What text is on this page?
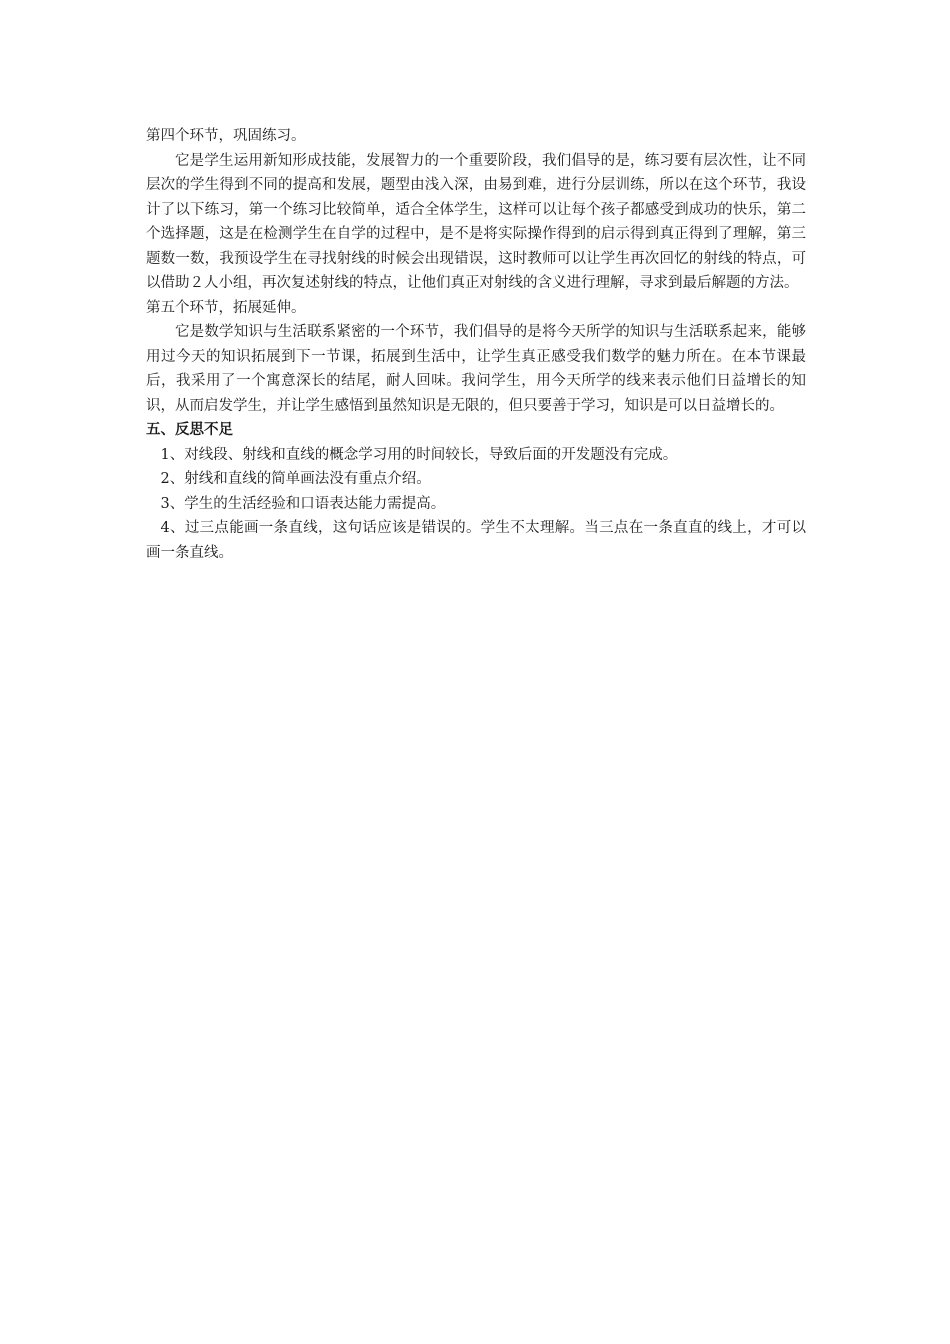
第四个环节，巩固练习。

它是学生运用新知形成技能，发展智力的一个重要阶段，我们倡导的是，练习要有层次性，让不同层次的学生得到不同的提高和发展，题型由浅入深，由易到难，进行分层训练，所以在这个环节，我设计了以下练习，第一个练习比较简单，适合全体学生，这样可以让每个孩子都感受到成功的快乐，第二个选择题，这是在检测学生在自学的过程中，是不是将实际操作得到的启示得到真正得到了理解，第三题数一数，我预设学生在寻找射线的时候会出现错误，这时教师可以让学生再次回忆的射线的特点，可以借助２人小组，再次复述射线的特点，让他们真正对射线的含义进行理解，寻求到最后解题的方法。

第五个环节，拓展延伸。

它是数学知识与生活联系紧密的一个环节，我们倡导的是将今天所学的知识与生活联系起来，能够用过今天的知识拓展到下一节课，拓展到生活中，让学生真正感受我们数学的魅力所在。在本节课最后，我采用了一个寓意深长的结尾，耐人回味。我问学生，用今天所学的线来表示他们日益增长的知识，从而启发学生，并让学生感悟到虽然知识是无限的，但只要善于学习，知识是可以日益增长的。

五、反思不足

1、对线段、射线和直线的概念学习用的时间较长，导致后面的开发题没有完成。

2、射线和直线的简单画法没有重点介绍。

3、学生的生活经验和口语表达能力需提高。

4、过三点能画一条直线，这句话应该是错误的。学生不太理解。当三点在一条直直的线上，才可以画一条直线。
